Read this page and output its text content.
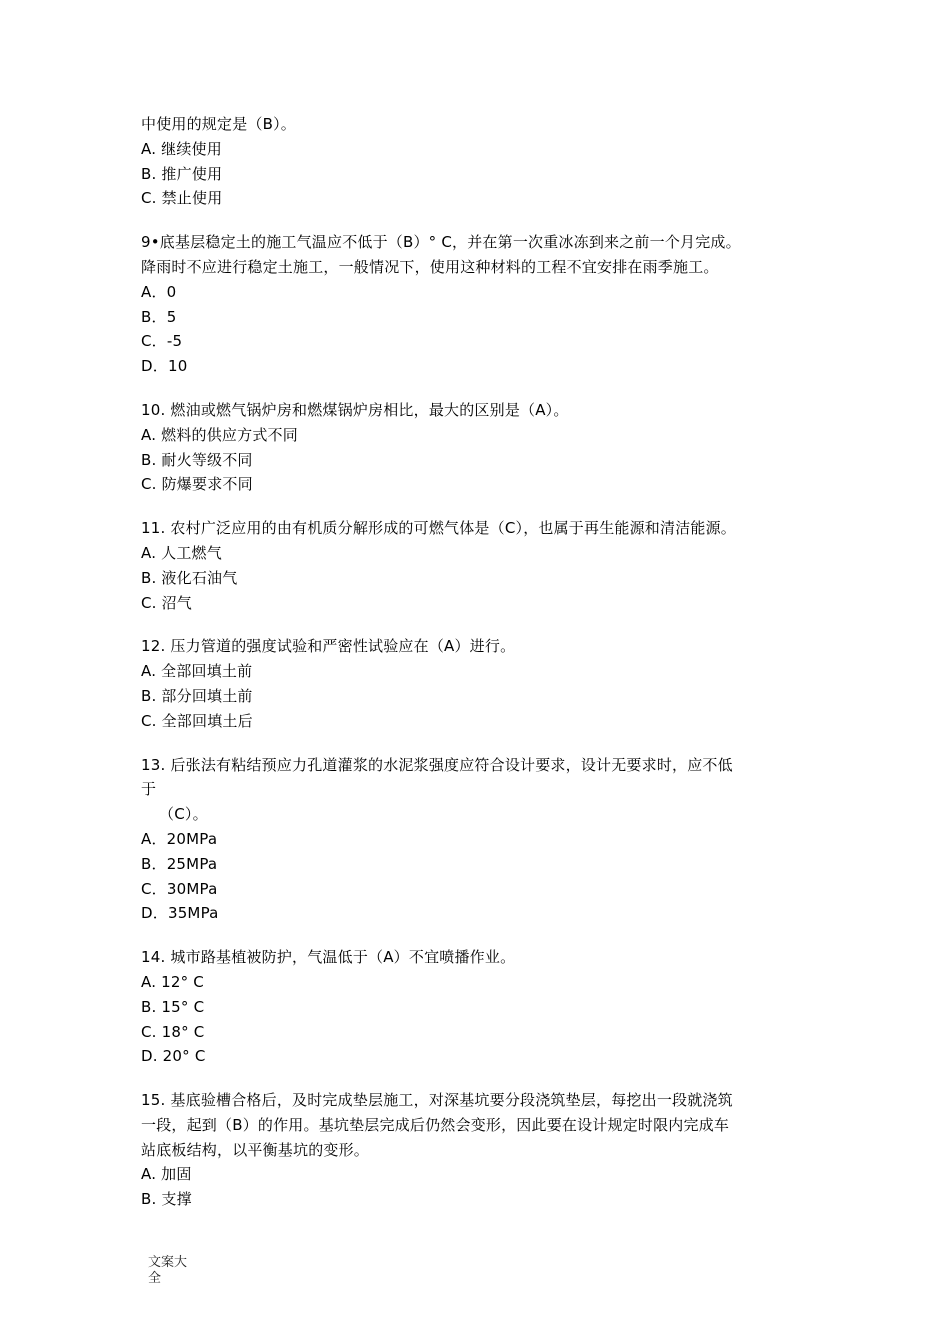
中使用的规定是（B）。
A. 继续使用
B. 推广使用
C. 禁止使用
9•底基层稳定土的施工气温应不低于（B）° C，并在第一次重冰冻到来之前一个月完成。
降雨时不应进行稳定土施工，一般情况下，使用这种材料的工程不宜安排在雨季施工。
A．0
B．5
C．-5
D．10
10. 燃油或燃气锅炉房和燃煤锅炉房相比，最大的区别是（A）。
A. 燃料的供应方式不同
B. 耐火等级不同
C. 防爆要求不同
11. 农村广泛应用的由有机质分解形成的可燃气体是（C），也属于再生能源和清洁能源。
A. 人工燃气
B. 液化石油气
C. 沼气
12. 压力管道的强度试验和严密性试验应在（A）进行。
A. 全部回填土前
B. 部分回填土前
C. 全部回填土后
13. 后张法有粘结预应力孔道灌浆的水泥浆强度应符合设计要求，设计无要求时，应不低
于
（C）。
A．20MPa
B．25MPa
C．30MPa
D．35MPa
14. 城市路基植被防护，气温低于（A）不宜喷播作业。
A. 12° C
B. 15° C
C. 18° C
D. 20° C
15. 基底验槽合格后，及时完成垫层施工，对深基坑要分段浇筑垫层，每挖出一段就浇筑
一段，起到（B）的作用。基坑垫层完成后仍然会变形，因此要在设计规定时限内完成车
站底板结构，以平衡基坑的变形。
A. 加固
B. 支撑
文案大
全
